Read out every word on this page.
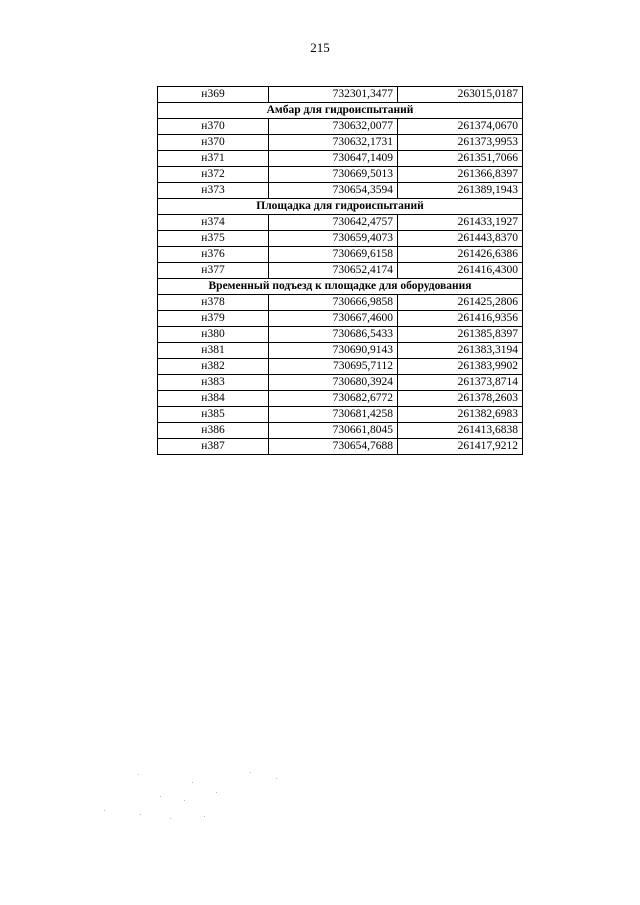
215
н369	732301,3477	263015,0187
Амбар для гидроиспытаний		
н370	730632,0077	261374,0670
н370	730632,1731	261373,9953
н371	730647,1409	261351,7066
н372	730669,5013	261366,8397
н373	730654,3594	261389,1943
Площадка для гидроиспытаний		
н374	730642,4757	261433,1927
н375	730659,4073	261443,8370
н376	730669,6158	261426,6386
н377	730652,4174	261416,4300
Временный подъезд к площадке для оборудования		
н378	730666,9858	261425,2806
н379	730667,4600	261416,9356
н380	730686,5433	261385,8397
н381	730690,9143	261383,3194
н382	730695,7112	261383,9902
н383	730680,3924	261373,8714
н384	730682,6772	261378,2603
н385	730681,4258	261382,6983
н386	730661,8045	261413,6838
н387	730654,7688	261417,9212
